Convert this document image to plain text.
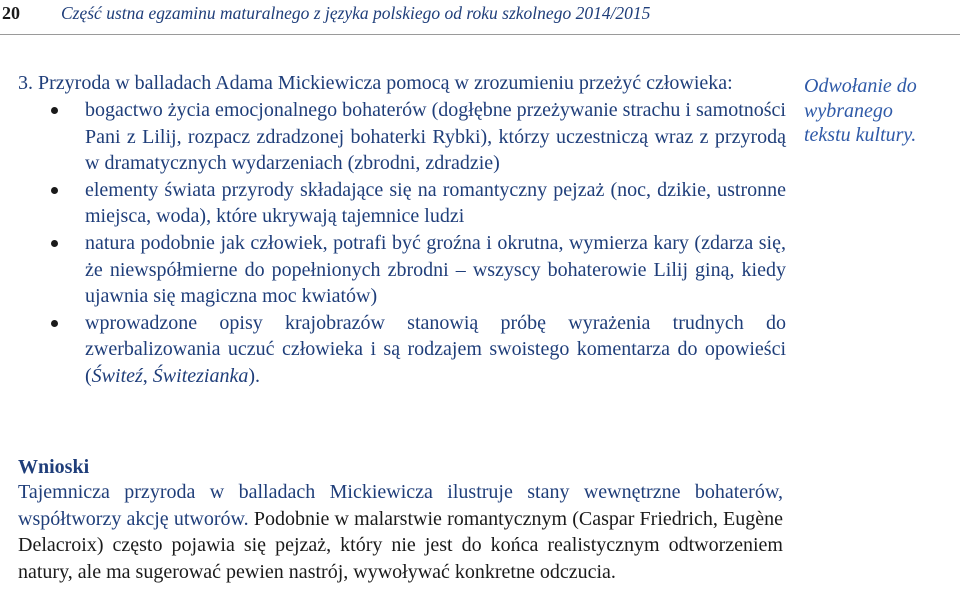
20 Część ustna egzaminu maturalnego z języka polskiego od roku szkolnego 2014/2015

3. Przyroda w balladach Adama Mickiewicza pomocą w zrozumieniu przeżyć człowieka:

bogactwo życia emocjonalnego bohaterów (dogłębne przeżywanie strachu i samotności Pani z Lilij, rozpacz zdradzonej bohaterki Rybki), którzy uczestniczą wraz z przyrodą w dramatycznych wydarzeniach (zbrodni, zdradzie)
elementy świata przyrody składające się na romantyczny pejzaż (noc, dzikie, ustronne miejsca, woda), które ukrywają tajemnice ludzi
natura podobnie jak człowiek, potrafi być groźna i okrutna, wymierza kary (zdarza się, że niewspółmierne do popełnionych zbrodni – wszyscy bohaterowie Lilij giną, kiedy ujawnia się magiczna moc kwiatów)
wprowadzone opisy krajobrazów stanowią próbę wyrażenia trudnych do zwerbalizowania uczuć człowieka i są rodzajem swoistego komentarza do opowieści (Świteź, Świtezianka).

Wnioski

Tajemnicza przyroda w balladach Mickiewicza ilustruje stany wewnętrzne bohaterów, współtworzy akcję utworów. Podobnie w malarstwie romantycznym (Caspar Friedrich, Eugène Delacroix) często pojawia się pejzaż, który nie jest do końca realistycznym odtworzeniem natury, ale ma sugerować pewien nastrój, wywoływać konkretne odczucia.

Odwołanie do
wybranego
tekstu kultury.
